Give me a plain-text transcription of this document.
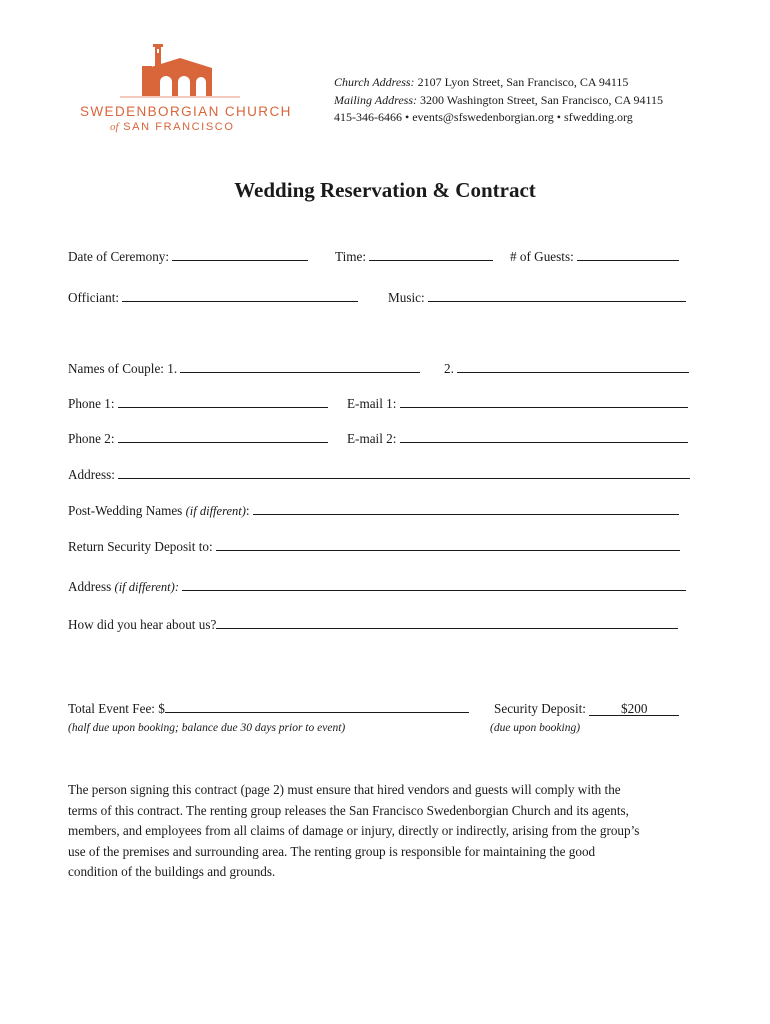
SWEDENBORGIAN CHURCH
of SAN FRANCISCO
Church Address: 2107 Lyon Street, San Francisco, CA 94115
Mailing Address: 3200 Washington Street, San Francisco, CA 94115
415-346-6466 • events@sfswedenborgian.org • sfwedding.org
Wedding Reservation & Contract
Date of Ceremony:	Time:	# of Guests:
Officiant:	Music:
Names of Couple: 1.	2.
Phone 1:	E-mail 1:
Phone 2:	E-mail 2:
Address:
Post-Wedding Names (if different):
Return Security Deposit to:
Address (if different):
How did you hear about us?
Total Event Fee: $
(half due upon booking; balance due 30 days prior to event)
Security Deposit:	$200
(due upon booking)

The person signing this contract (page 2) must ensure that hired vendors and guests will comply with the

terms of this contract. The renting group releases the San Francisco Swedenborgian Church and its agents,

members, and employees from all claims of damage or injury, directly or indirectly, arising from the group’s

use of the premises and surrounding area. The renting group is responsible for maintaining the good

condition of the buildings and grounds.
